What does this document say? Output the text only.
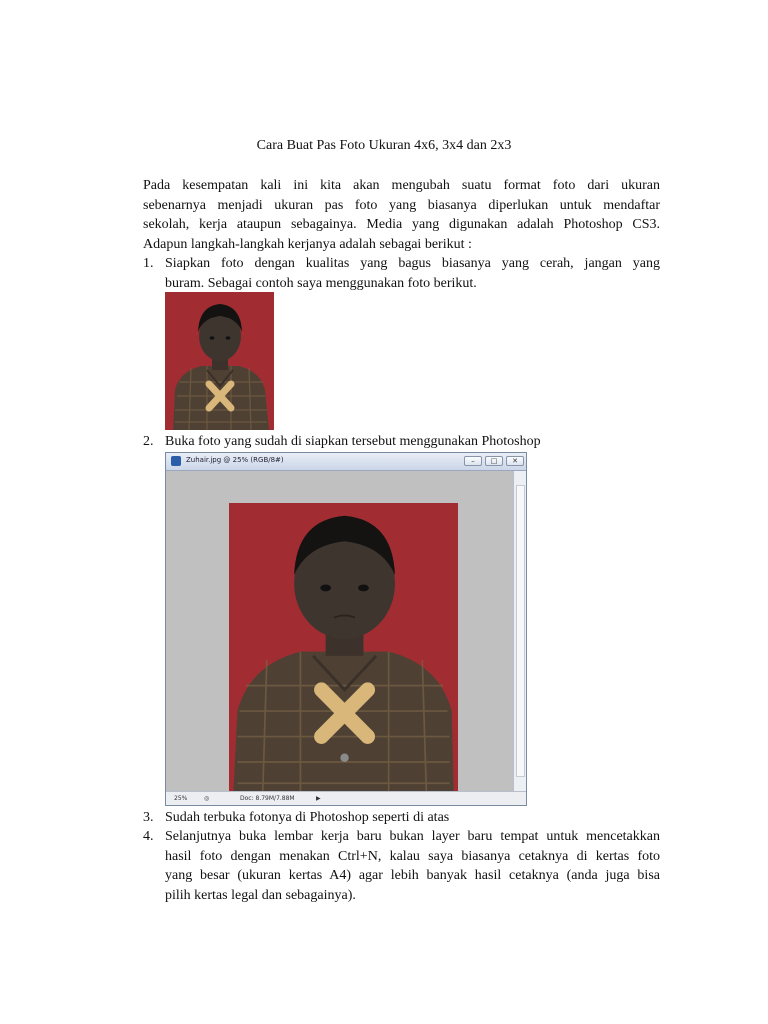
Cara Buat Pas Foto Ukuran 4x6, 3x4 dan 2x3
Pada kesempatan kali ini kita akan mengubah suatu format foto dari ukuran
sebenarnya menjadi ukuran pas foto yang biasanya diperlukan untuk mendaftar
sekolah, kerja ataupun sebagainya. Media yang digunakan adalah Photoshop CS3.
Adapun langkah-langkah kerjanya adalah sebagai berikut :
1. Siapkan foto dengan kualitas yang bagus biasanya yang cerah, jangan yang
buram. Sebagai contoh saya menggunakan foto berikut.
2. Buka foto yang sudah di siapkan tersebut menggunakan Photoshop
Zuhair.jpg @ 25% (RGB/8#)	–	□	✕
25%	◎	Doc: 8.79M/7.88M	▶
3. Sudah terbuka fotonya di Photoshop seperti di atas
4. Selanjutnya buka lembar kerja baru bukan layer baru tempat untuk mencetakkan
hasil foto dengan menakan Ctrl+N, kalau saya biasanya cetaknya di kertas foto
yang besar (ukuran kertas A4) agar lebih banyak hasil cetaknya (anda juga bisa
pilih kertas legal dan sebagainya).
